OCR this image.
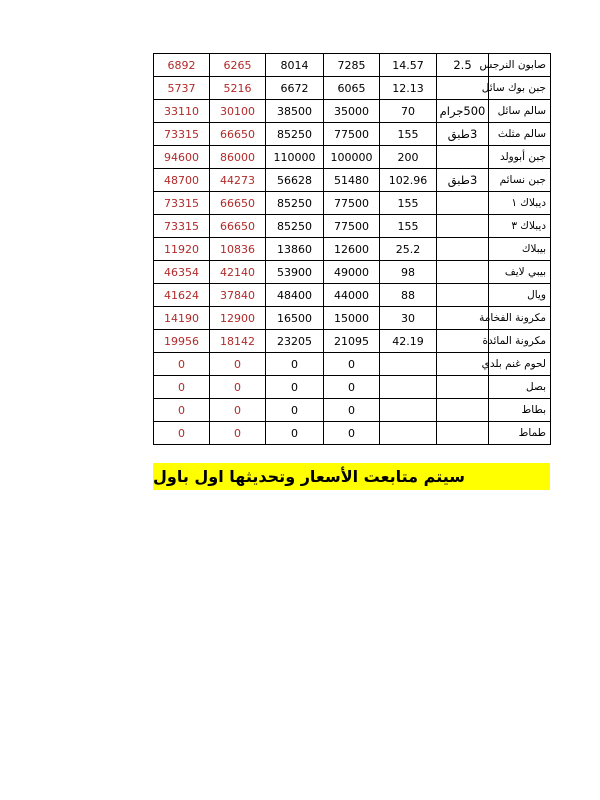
6892	6265	8014	7285	14.57	2.5	صابون النرجس
5737	5216	6672	6065	12.13		جبن بوك سائل
33110	30100	38500	35000	70	500جرام	سالم سائل
73315	66650	85250	77500	155	3طبق	سالم مثلث
94600	86000	110000	100000	200		جبن أبوولد
48700	44273	56628	51480	102.96	3طبق	جبن نسائم
73315	66650	85250	77500	155		ديبلاك ١
73315	66650	85250	77500	155		ديبلاك ٣
11920	10836	13860	12600	25.2		بيبلاك
46354	42140	53900	49000	98		بيبي لايف
41624	37840	48400	44000	88		ويال
14190	12900	16500	15000	30		مكرونة الفخامة
19956	18142	23205	21095	42.19		مكرونة المائدة
0	0	0	0			لحوم غنم بلدي
0	0	0	0			بصل
0	0	0	0			بطاط
0	0	0	0			طماط
سيتم متابعت الأسعار وتحديثها اول باول
